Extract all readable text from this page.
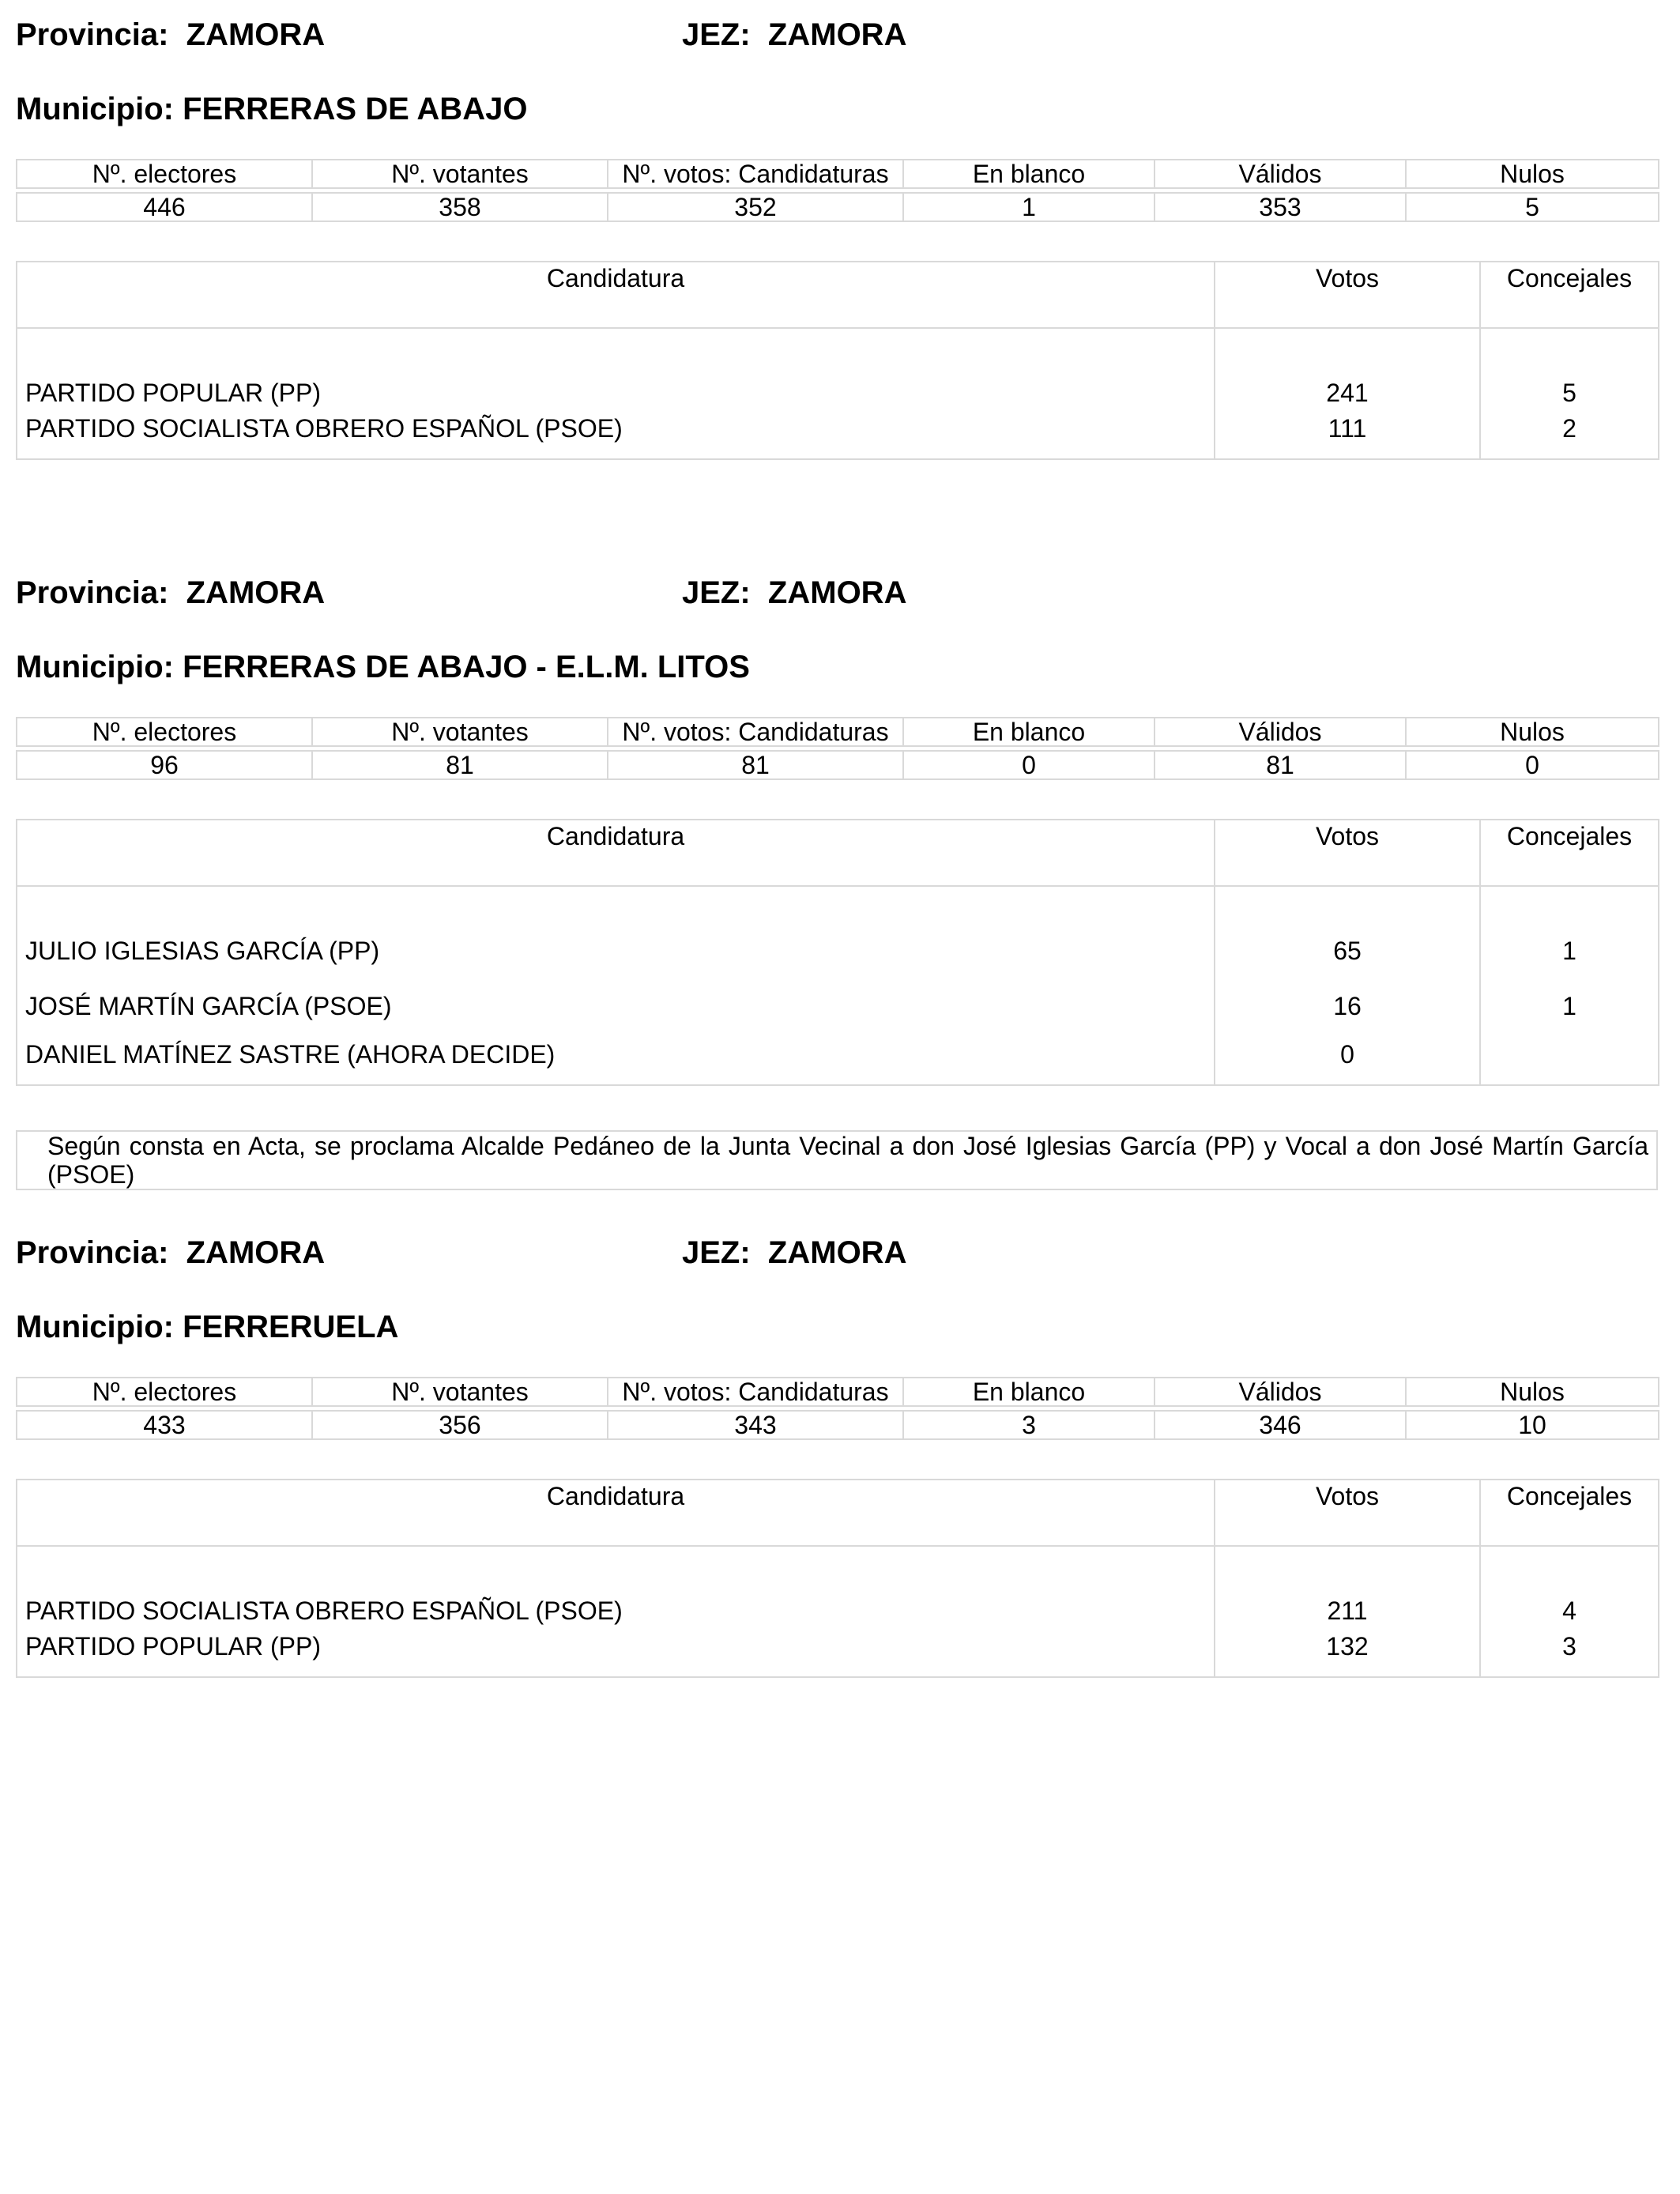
Provincia: ZAMORA	JEZ: ZAMORA
Municipio: FERRERAS DE ABAJO
Nº. electores	Nº. votantes	Nº. votos: Candidaturas	En blanco	Válidos	Nulos

446	358	352	1	353	5
Candidatura	Votos	Concejales
PARTIDO POPULAR (PP)	241	5
PARTIDO SOCIALISTA OBRERO ESPAÑOL (PSOE)	111	2
Provincia: ZAMORA	JEZ: ZAMORA
Municipio: FERRERAS DE ABAJO - E.L.M. LITOS
Nº. electores	Nº. votantes	Nº. votos: Candidaturas	En blanco	Válidos	Nulos

96	81	81	0	81	0
Candidatura	Votos	Concejales
JULIO IGLESIAS GARCÍA (PP)	65	1
JOSÉ MARTÍN GARCÍA (PSOE)	16	1
DANIEL MATÍNEZ SASTRE (AHORA DECIDE)	0	
Según consta en Acta, se proclama Alcalde Pedáneo de la Junta Vecinal a don José Iglesias García (PP) y Vocal a don José Martín García (PSOE)
Provincia: ZAMORA	JEZ: ZAMORA
Municipio: FERRERUELA
Nº. electores	Nº. votantes	Nº. votos: Candidaturas	En blanco	Válidos	Nulos

433	356	343	3	346	10
Candidatura	Votos	Concejales
PARTIDO SOCIALISTA OBRERO ESPAÑOL (PSOE)	211	4
PARTIDO POPULAR (PP)	132	3
